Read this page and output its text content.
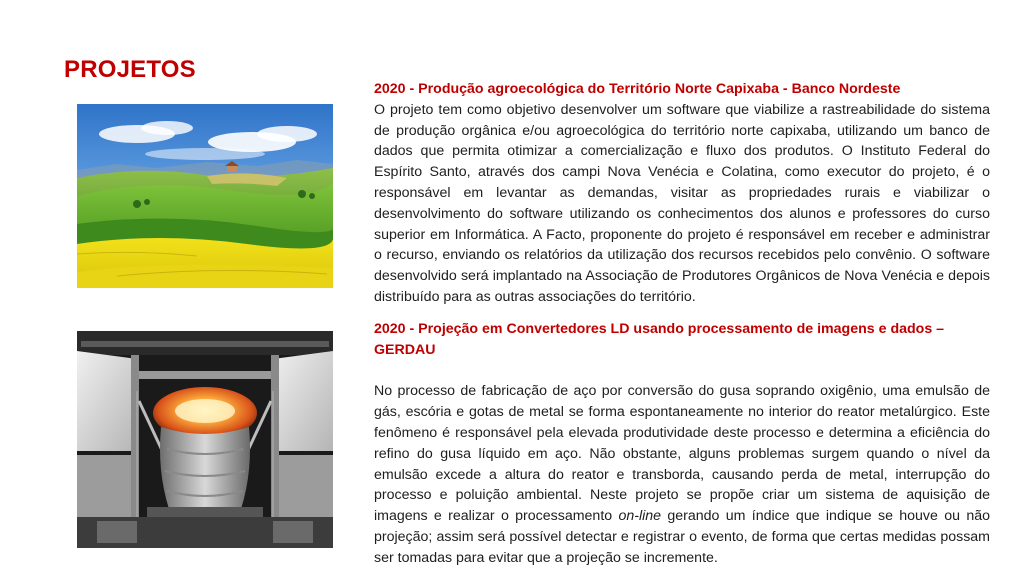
PROJETOS
2020 - Produção agroecológica do Território Norte Capixaba - Banco Nordeste

O projeto tem como objetivo desenvolver um software que viabilize a rastreabilidade do sistema de produção orgânica e/ou agroecológica do território norte capixaba, utilizando um banco de dados que permita otimizar a comercialização e fluxo dos produtos. O Instituto Federal do Espírito Santo, através dos campi Nova Venécia e Colatina, como executor do projeto, é o responsável em levantar as demandas, visitar as propriedades rurais e viabilizar o desenvolvimento do software utilizando os conhecimentos dos alunos e professores do curso superior em Informática. A Facto, proponente do projeto é responsável em receber e administrar o recurso, enviando os relatórios da utilização dos recursos recebidos pelo convênio. O software desenvolvido será implantado na Associação de Produtores Orgânicos de Nova Venécia e depois distribuído para as outras associações do território.

2020 - Projeção em Convertedores LD usando processamento de imagens e dados – GERDAU

No processo de fabricação de aço por conversão do gusa soprando oxigênio, uma emulsão de gás, escória e gotas de metal se forma espontaneamente no interior do reator metalúrgico. Este fenômeno é responsável pela elevada produtividade deste processo e determina a eficiência do refino do gusa líquido em aço. Não obstante, alguns problemas surgem quando o nível da emulsão excede a altura do reator e transborda, causando perda de metal, interrupção do processo e poluição ambiental. Neste projeto se propõe criar um sistema de aquisição de imagens e realizar o processamento on-line gerando um índice que indique se houve ou não projeção; assim será possível detectar e registrar o evento, de forma que certas medidas possam ser tomadas para evitar que a projeção se incremente.
